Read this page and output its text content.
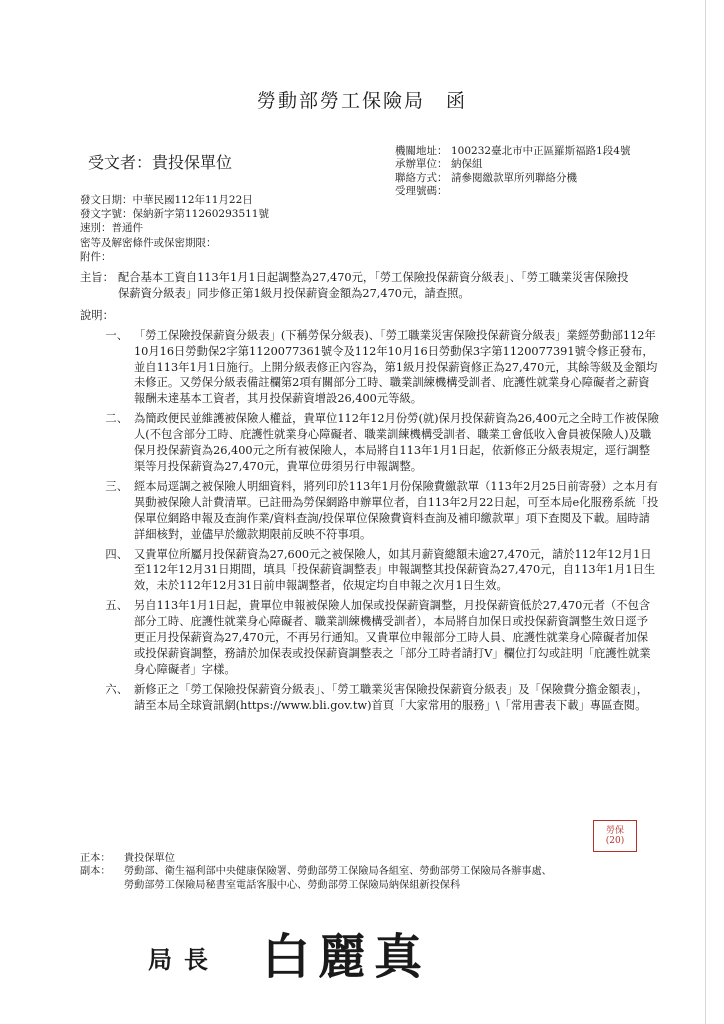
勞動部勞工保險局　函
受文者：貴投保單位
機關地址： 100232臺北市中正區羅斯福路1段4號
承辦單位： 納保組
聯絡方式： 請參閱繳款單所列聯絡分機
受理號碼：
發文日期：中華民國112年11月22日
發文字號：保納新字第11260293511號
速別：普通件
密等及解密條件或保密期限：
附件：
主旨： 配合基本工資自113年1月1日起調整為27,470元，「勞工保險投保薪資分級表」、「勞工職業災害保險投保薪資分級表」同步修正第1級月投保薪資金額為27,470元，請查照。
說明：
一、 「勞工保險投保薪資分級表」(下稱勞保分級表)、「勞工職業災害保險投保薪資分級表」業經勞動部112年10月16日勞動保2字第1120077361號令及112年10月16日勞動保3字第1120077391號令修正發布，並自113年1月1日施行。上開分級表修正內容為，第1級月投保薪資修正為27,470元，其餘等級及金額均未修正。又勞保分級表備註欄第2項有關部分工時、職業訓練機構受訓者、庇護性就業身心障礙者之薪資報酬未達基本工資者，其月投保薪資增設26,400元等級。
二、 為簡政便民並維護被保險人權益，貴單位112年12月份勞(就)保月投保薪資為26,400元之全時工作被保險人(不包含部分工時、庇護性就業身心障礙者、職業訓練機構受訓者、職業工會低收入會員被保險人)及職保月投保薪資為26,400元之所有被保險人，本局將自113年1月1日起，依新修正分級表規定，逕行調整渠等月投保薪資為27,470元，貴單位毋須另行申報調整。
三、 經本局逕調之被保險人明細資料，將列印於113年1月份保險費繳款單（113年2月25日前寄發）之本月有異動被保險人計費清單。已註冊為勞保網路申辦單位者，自113年2月22日起，可至本局e化服務系統「投保單位網路申報及查詢作業/資料查詢/投保單位保險費資料查詢及補印繳款單」項下查閱及下載。屆時請詳細核對，並儘早於繳款期限前反映不符事項。
四、 又貴單位所屬月投保薪資為27,600元之被保險人，如其月薪資總額未逾27,470元，請於112年12月1日至112年12月31日期間，填具「投保薪資調整表」申報調整其投保薪資為27,470元，自113年1月1日生效，未於112年12月31日前申報調整者，依規定均自申報之次月1日生效。
五、 另自113年1月1日起，貴單位申報被保險人加保或投保薪資調整，月投保薪資低於27,470元者（不包含部分工時、庇護性就業身心障礙者、職業訓練機構受訓者），本局將自加保日或投保薪資調整生效日逕予更正月投保薪資為27,470元，不再另行通知。又貴單位申報部分工時人員、庇護性就業身心障礙者加保或投保薪資調整，務請於加保表或投保薪資調整表之「部分工時者請打V」欄位打勾或註明「庇護性就業身心障礙者」字樣。
六、 新修正之「勞工保險投保薪資分級表」、「勞工職業災害保險投保薪資分級表」及「保險費分擔金額表」，請至本局全球資訊網(https://www.bli.gov.tw)首頁「大家常用的服務」\「常用書表下載」專區查閱。
勞保
(20)
正本：	貴投保單位
副本：	勞動部、衛生福利部中央健康保險署、勞動部勞工保險局各組室、勞動部勞工保險局各辦事處、
勞動部勞工保險局秘書室電話客服中心、勞動部勞工保險局納保組新投保科
局長 白麗真
